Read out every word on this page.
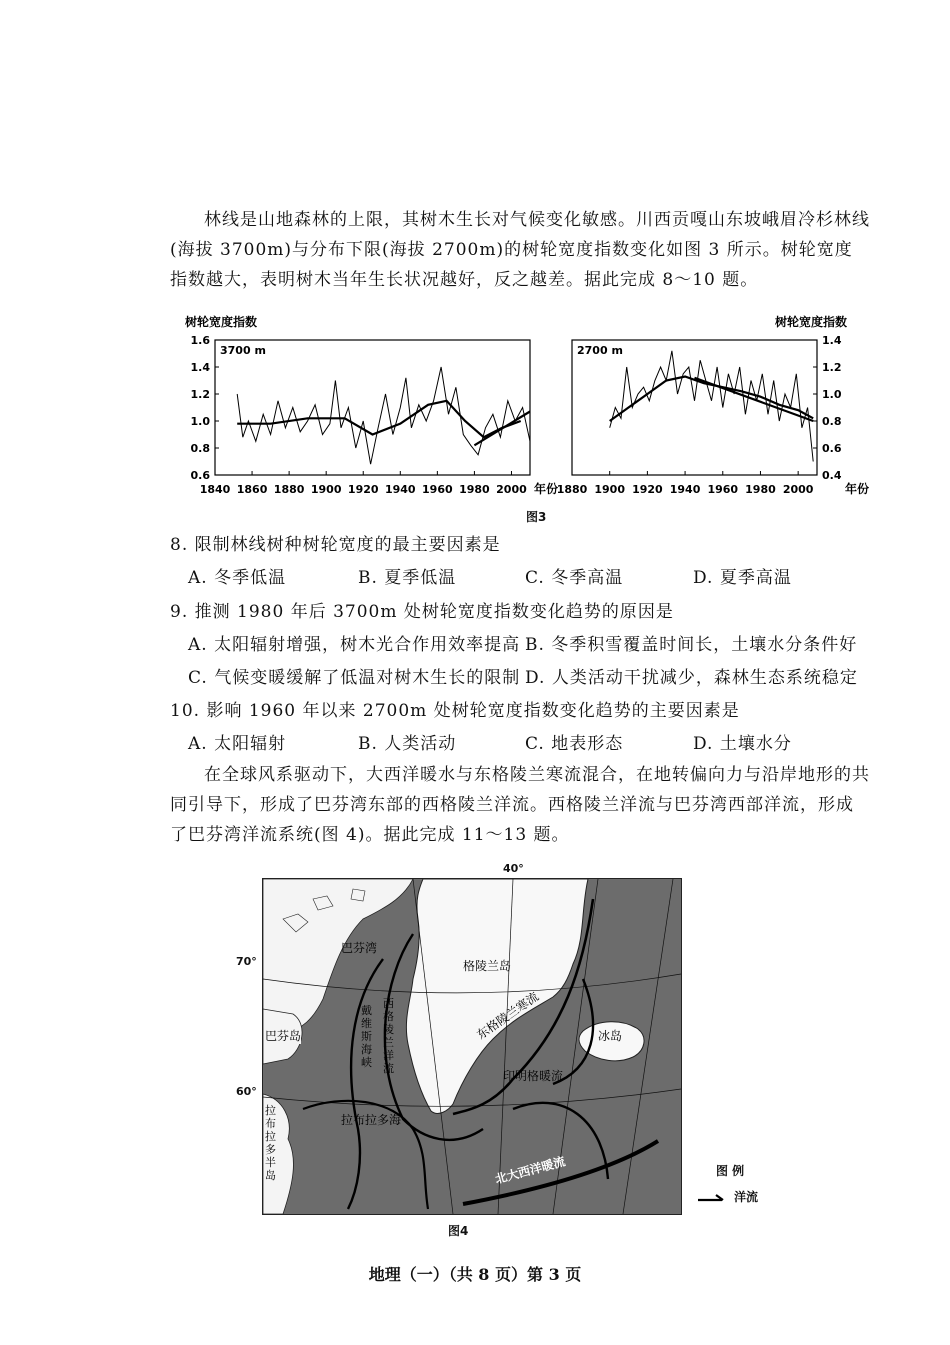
林线是山地森林的上限，其树木生长对气候变化敏感。川西贡嘎山东坡峨眉冷杉林线(海拔 3700m)与分布下限(海拔 2700m)的树轮宽度指数变化如图 3 所示。树轮宽度指数越大，表明树木当年生长状况越好，反之越差。据此完成 8～10 题。
3700 m
树轮宽度指数
0.6
0.8
1.0
1.2
1.4
1.6
1840 1860 1880 1900 1920 1940 1960 1980 2000 年份
2700 m
树轮宽度指数
0.4
0.6
0.8
1.0
1.2
1.4
1880 1900 1920 1940 1960 1980 2000	年份
图3
8. 限制林线树种树轮宽度的最主要因素是
A. 冬季低温	B. 夏季低温	C. 冬季高温	D. 夏季高温
9. 推测 1980 年后 3700m 处树轮宽度指数变化趋势的原因是
A. 太阳辐射增强，树木光合作用效率提高 B. 冬季积雪覆盖时间长，土壤水分条件好
C. 气候变暖缓解了低温对树木生长的限制 D. 人类活动干扰减少，森林生态系统稳定
10. 影响 1960 年以来 2700m 处树轮宽度指数变化趋势的主要因素是
A. 太阳辐射	B. 人类活动	C. 地表形态	D. 土壤水分
在全球风系驱动下，大西洋暖水与东格陵兰寒流混合，在地转偏向力与沿岸地形的共同引导下，形成了巴芬湾东部的西格陵兰洋流。西格陵兰洋流与巴芬湾西部洋流，形成了巴芬湾洋流系统(图 4)。据此完成 11～13 题。
巴芬湾
格陵兰岛
巴芬岛
戴维斯海峡
西格陵兰洋流
东格陵兰寒流	冰岛
印明格暖流
拉布拉多海
拉布拉多半岛	北大西洋暖流
40°
70°
60°
图 例
洋流
图4
地理（一）（共 8 页）第 3 页
